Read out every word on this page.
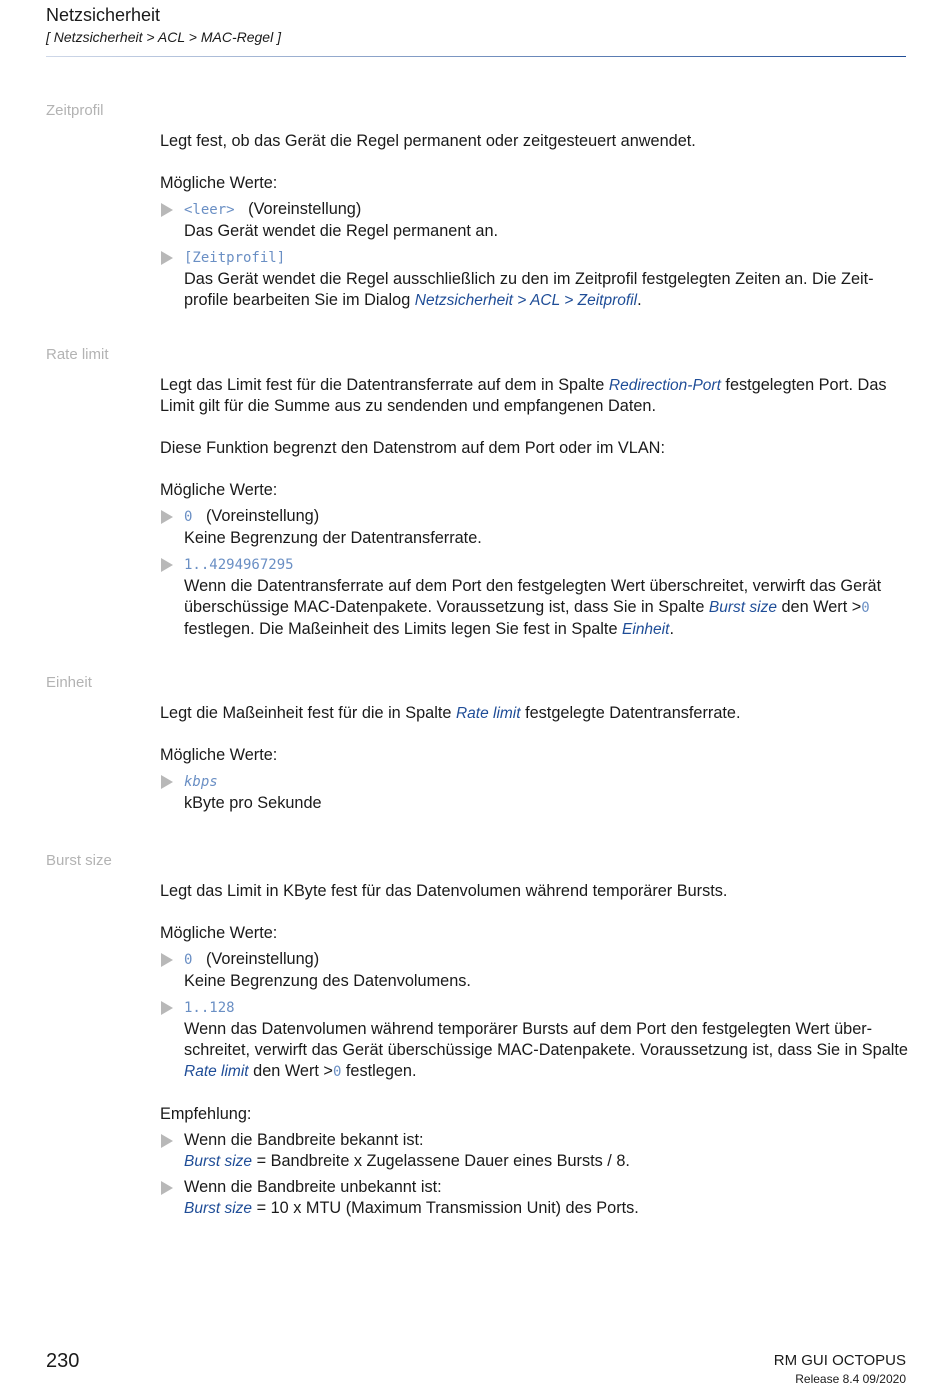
Netzsicherheit
[ Netzsicherheit > ACL > MAC-Regel ]
Zeitprofil

Legt fest, ob das Gerät die Regel permanent oder zeitgesteuert anwendet.

Mögliche Werte:

<leer> (Voreinstellung)
Das Gerät wendet die Regel permanent an.
[Zeitprofil]
Das Gerät wendet die Regel ausschließlich zu den im Zeitprofil festgelegten Zeiten an. Die Zeit-profile bearbeiten Sie im Dialog Netzsicherheit > ACL > Zeitprofil.
Rate limit

Legt das Limit fest für die Datentransferrate auf dem in Spalte Redirection-Port festgelegten Port. Das Limit gilt für die Summe aus zu sendenden und empfangenen Daten.

Diese Funktion begrenzt den Datenstrom auf dem Port oder im VLAN:

Mögliche Werte:

0 (Voreinstellung)
Keine Begrenzung der Datentransferrate.
1..4294967295
Wenn die Datentransferrate auf dem Port den festgelegten Wert überschreitet, verwirft das Gerät überschüssige MAC-Datenpakete. Voraussetzung ist, dass Sie in Spalte Burst size den Wert >0 festlegen. Die Maßeinheit des Limits legen Sie fest in Spalte Einheit.
Einheit

Legt die Maßeinheit fest für die in Spalte Rate limit festgelegte Datentransferrate.

Mögliche Werte:

kbps
kByte pro Sekunde
Burst size

Legt das Limit in KByte fest für das Datenvolumen während temporärer Bursts.

Mögliche Werte:

0 (Voreinstellung)
Keine Begrenzung des Datenvolumens.
1..128
Wenn das Datenvolumen während temporärer Bursts auf dem Port den festgelegten Wert über-schreitet, verwirft das Gerät überschüssige MAC-Datenpakete. Voraussetzung ist, dass Sie in Spalte Rate limit den Wert >0 festlegen.

Empfehlung:

Wenn die Bandbreite bekannt ist:
Burst size = Bandbreite x Zugelassene Dauer eines Bursts / 8.
Wenn die Bandbreite unbekannt ist:
Burst size = 10 x MTU (Maximum Transmission Unit) des Ports.
230	RM GUI OCTOPUS
Release 8.4 09/2020
